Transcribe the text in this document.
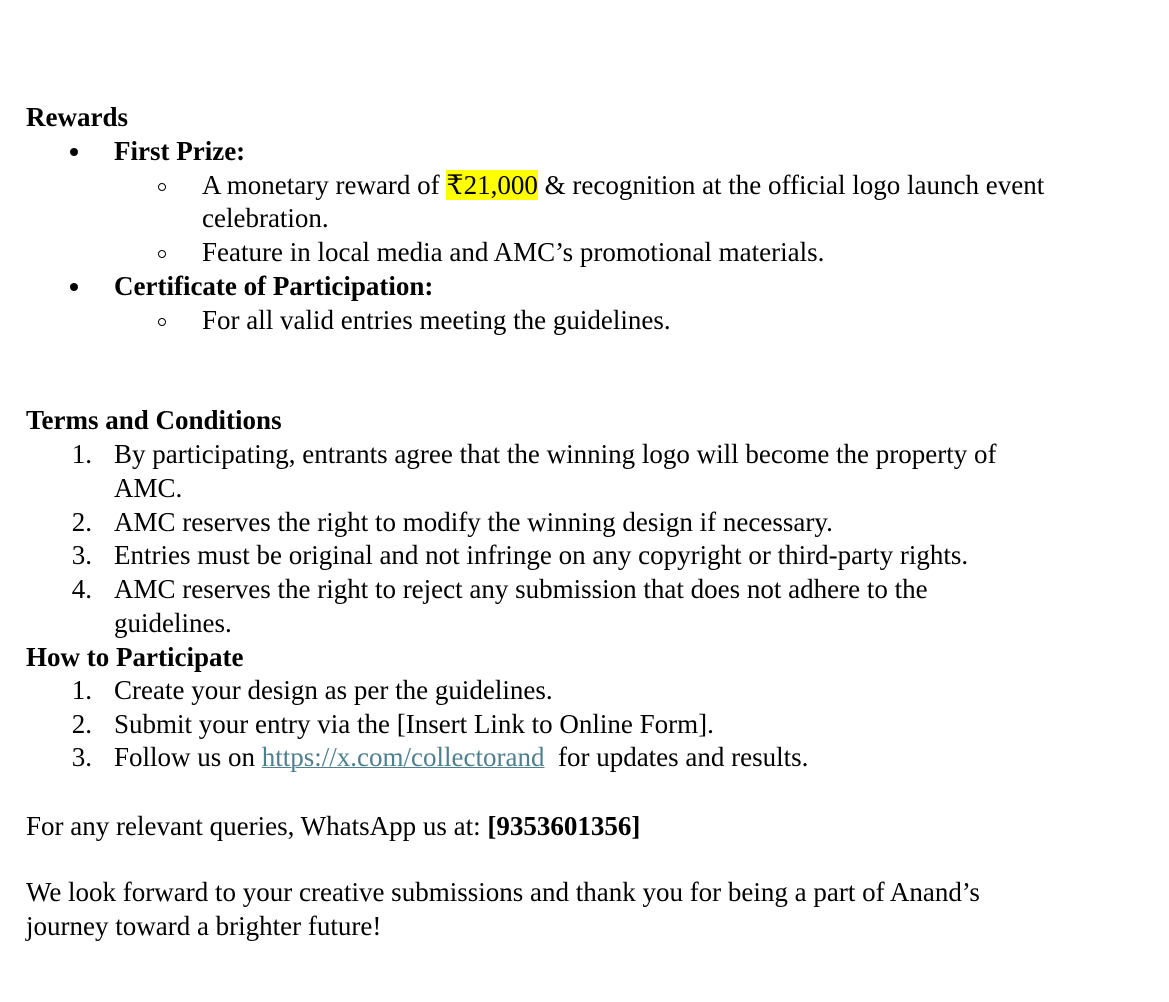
Rewards
First Prize:
A monetary reward of ₹21,000 & recognition at the official logo launch event
celebration.
Feature in local media and AMC’s promotional materials.
Certificate of Participation:
For all valid entries meeting the guidelines.
Terms and Conditions
1. By participating, entrants agree that the winning logo will become the property of
AMC.
2. AMC reserves the right to modify the winning design if necessary.
3. Entries must be original and not infringe on any copyright or third-party rights.
4. AMC reserves the right to reject any submission that does not adhere to the
guidelines.
How to Participate
1. Create your design as per the guidelines.
2. Submit your entry via the [Insert Link to Online Form].
3. Follow us on https://x.com/collectorand  for updates and results.
For any relevant queries, WhatsApp us at: [9353601356]
We look forward to your creative submissions and thank you for being a part of Anand’s
journey toward a brighter future!
